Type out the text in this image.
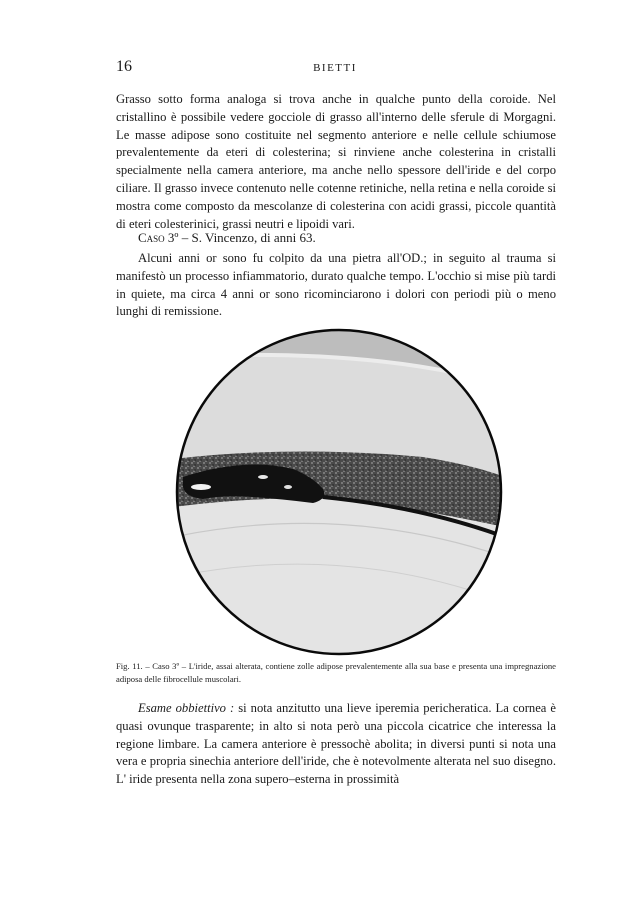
16	BIETTI

Grasso sotto forma analoga si trova anche in qualche punto della coroide. Nel cristallino è possibile vedere gocciole di grasso all'interno delle sferule di Morgagni. Le masse adipose sono costituite nel segmento anteriore e nelle cellule schiumose prevalentemente da eteri di colesterina; si rinviene anche colesterina in cristalli specialmente nella camera anteriore, ma anche nello spessore dell'iride e del corpo ciliare. Il grasso invece contenuto nelle cotenne retiniche, nella retina e nella coroide si mostra come composto da mescolanze di colesterina con acidi grassi, piccole quantità di eteri colesterinici, grassi neutri e lipoidi vari.

Caso 3º – S. Vincenzo, di anni 63.

Alcuni anni or sono fu colpito da una pietra all'OD.; in seguito al trauma si manifestò un processo infiammatorio, durato qualche tempo. L'occhio si mise più tardi in quiete, ma circa 4 anni or sono ricominciarono i dolori con periodi più o meno lunghi di remissione.

Fig. 11. – Caso 3º – L'iride, assai alterata, contiene zolle adipose prevalentemente alla sua base e presenta una impregnazione adiposa delle fibrocellule muscolari.

Esame obbiettivo : si nota anzitutto una lieve iperemia pericheratica. La cornea è quasi ovunque trasparente; in alto si nota però una piccola cicatrice che interessa la regione limbare. La camera anteriore è pressochè abolita; in diversi punti si nota una vera e propria sinechia anteriore dell'iride, che è notevolmente alterata nel suo disegno. L' iride presenta nella zona supero–esterna in prossimità
